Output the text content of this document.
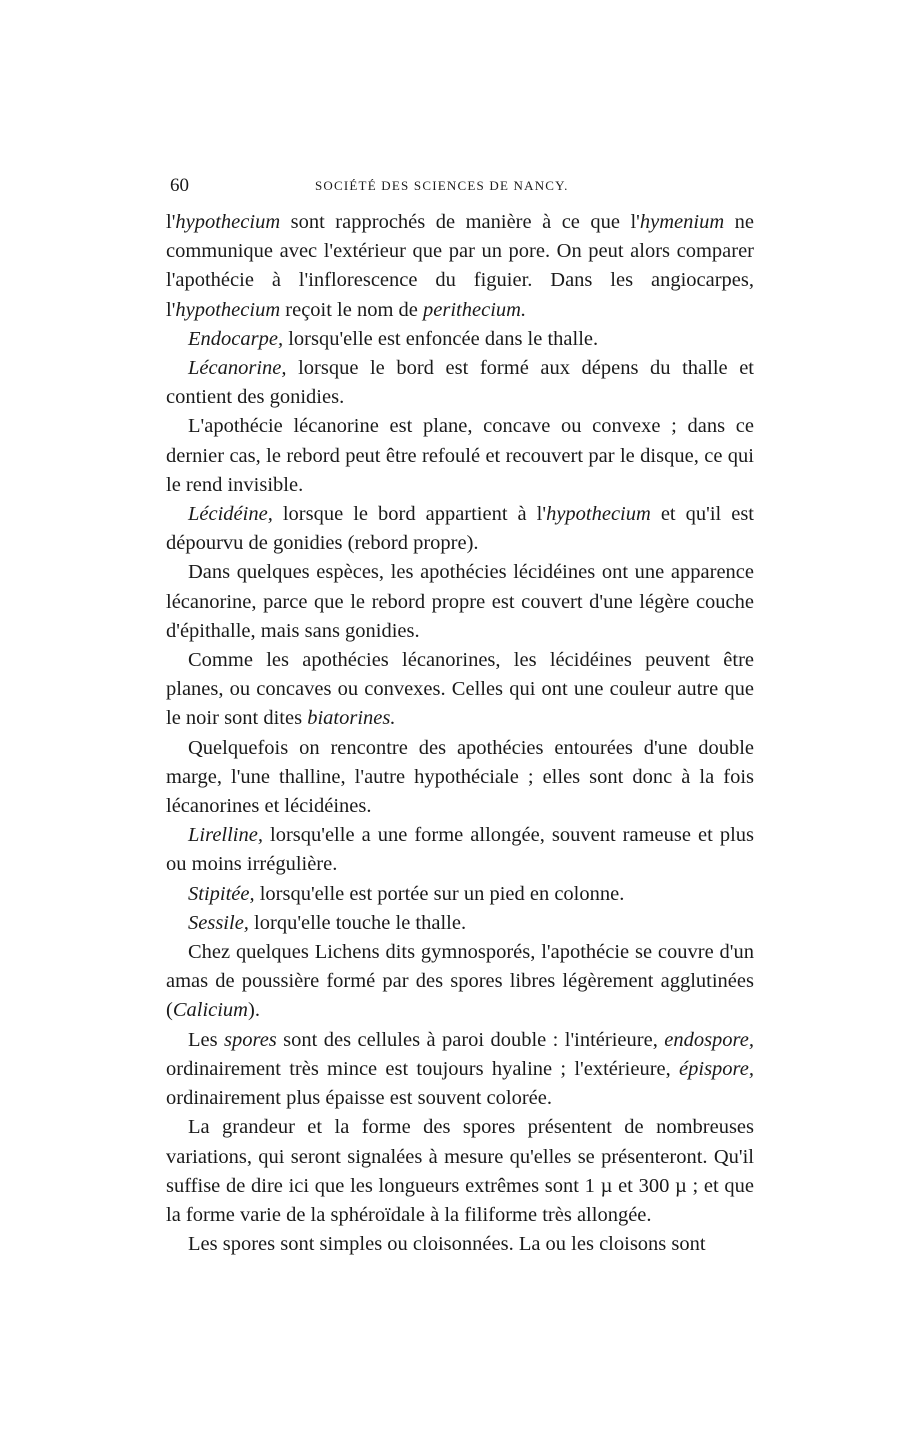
60	SOCIÉTÉ DES SCIENCES DE NANCY.

l'hypothecium sont rapprochés de manière à ce que l'hymenium ne communique avec l'extérieur que par un pore. On peut alors comparer l'apothécie à l'inflorescence du figuier. Dans les angiocarpes, l'hypothecium reçoit le nom de perithecium.

Endocarpe, lorsqu'elle est enfoncée dans le thalle.

Lécanorine, lorsque le bord est formé aux dépens du thalle et contient des gonidies.

L'apothécie lécanorine est plane, concave ou convexe ; dans ce dernier cas, le rebord peut être refoulé et recouvert par le disque, ce qui le rend invisible.

Lécidéine, lorsque le bord appartient à l'hypothecium et qu'il est dépourvu de gonidies (rebord propre).

Dans quelques espèces, les apothécies lécidéines ont une apparence lécanorine, parce que le rebord propre est couvert d'une légère couche d'épithalle, mais sans gonidies.

Comme les apothécies lécanorines, les lécidéines peuvent être planes, ou concaves ou convexes. Celles qui ont une couleur autre que le noir sont dites biatorines.

Quelquefois on rencontre des apothécies entourées d'une double marge, l'une thalline, l'autre hypothéciale ; elles sont donc à la fois lécanorines et lécidéines.

Lirelline, lorsqu'elle a une forme allongée, souvent rameuse et plus ou moins irrégulière.

Stipitée, lorsqu'elle est portée sur un pied en colonne.

Sessile, lorqu'elle touche le thalle.

Chez quelques Lichens dits gymnosporés, l'apothécie se couvre d'un amas de poussière formé par des spores libres légèrement agglutinées (Calicium).

Les spores sont des cellules à paroi double : l'intérieure, endospore, ordinairement très mince est toujours hyaline ; l'extérieure, épispore, ordinairement plus épaisse est souvent colorée.

La grandeur et la forme des spores présentent de nombreuses variations, qui seront signalées à mesure qu'elles se présenteront. Qu'il suffise de dire ici que les longueurs extrêmes sont 1 µ et 300 µ ; et que la forme varie de la sphéroïdale à la filiforme très allongée.

Les spores sont simples ou cloisonnées. La ou les cloisons sont
